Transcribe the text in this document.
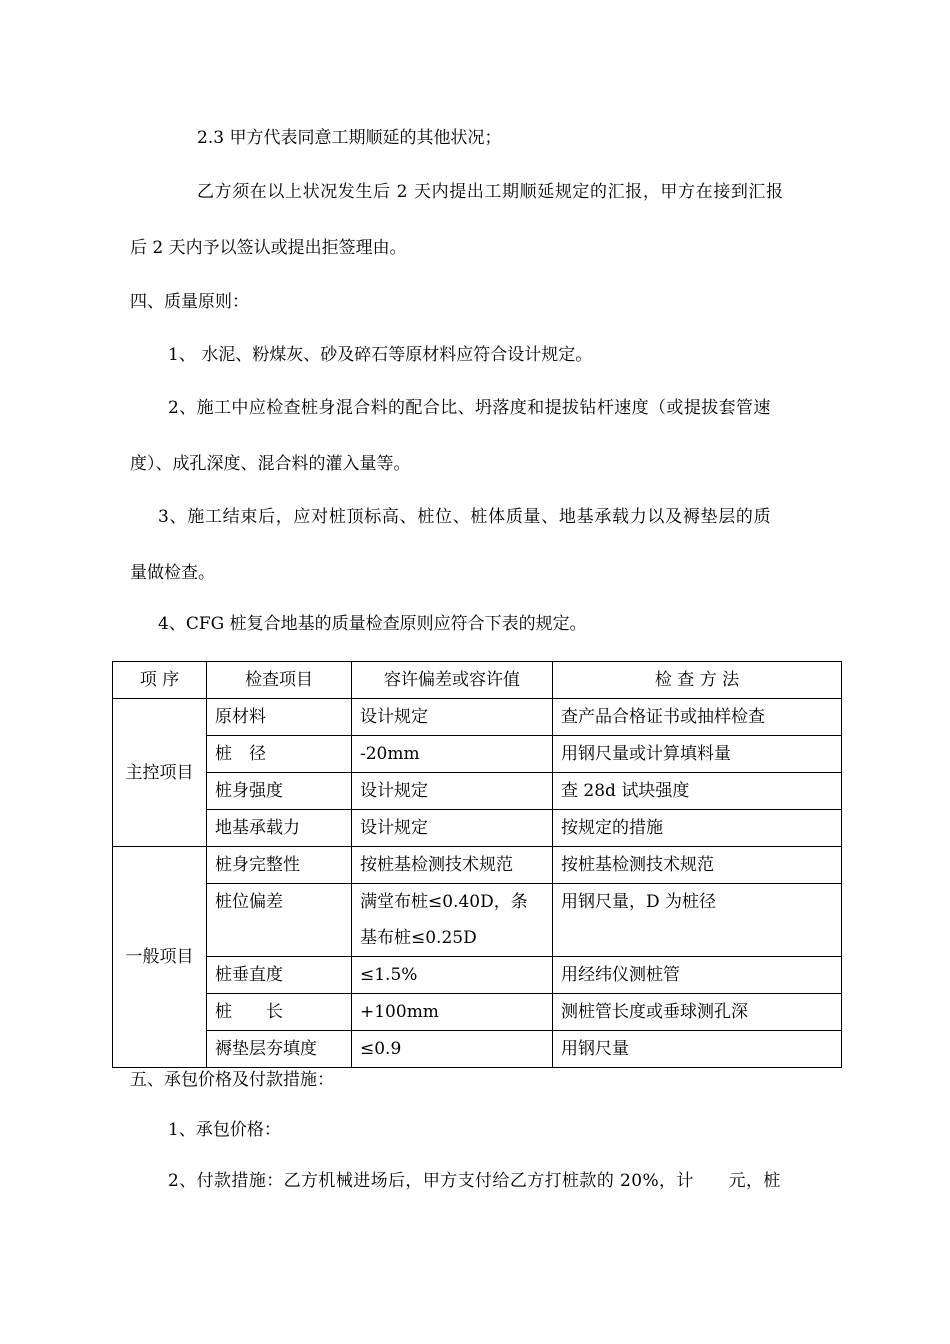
2.3 甲方代表同意工期顺延的其他状况；
乙方须在以上状况发生后 2 天内提出工期顺延规定的汇报，甲方在接到汇报
后 2 天内予以签认或提出拒签理由。
四、质量原则：
1、 水泥、粉煤灰、砂及碎石等原材料应符合设计规定。
2、施工中应检查桩身混合料的配合比、坍落度和提拔钻杆速度（或提拔套管速
度）、成孔深度、混合料的灌入量等。
3、施工结束后，应对桩顶标高、桩位、桩体质量、地基承载力以及褥垫层的质
量做检查。
4、CFG 桩复合地基的质量检查原则应符合下表的规定。
项 序	检查项目	容许偏差或容许值	检 查 方 法
主控项目	原材料	设计规定	查产品合格证书或抽样检查
	桩　径	-20mm	用钢尺量或计算填料量
	桩身强度	设计规定	查 28d 试块强度
	地基承载力	设计规定	按规定的措施
一般项目	桩身完整性	按桩基检测技术规范	按桩基检测技术规范
	桩位偏差	满堂布桩≤0.40D，条基布桩≤0.25D	用钢尺量，D 为桩径
	桩垂直度	≤1.5%	用经纬仪测桩管
	桩　　长	+100mm	测桩管长度或垂球测孔深
	褥垫层夯填度	≤0.9	用钢尺量
五、承包价格及付款措施：
1、承包价格：
2、付款措施：乙方机械进场后，甲方支付给乙方打桩款的 20%，计　　元，桩
